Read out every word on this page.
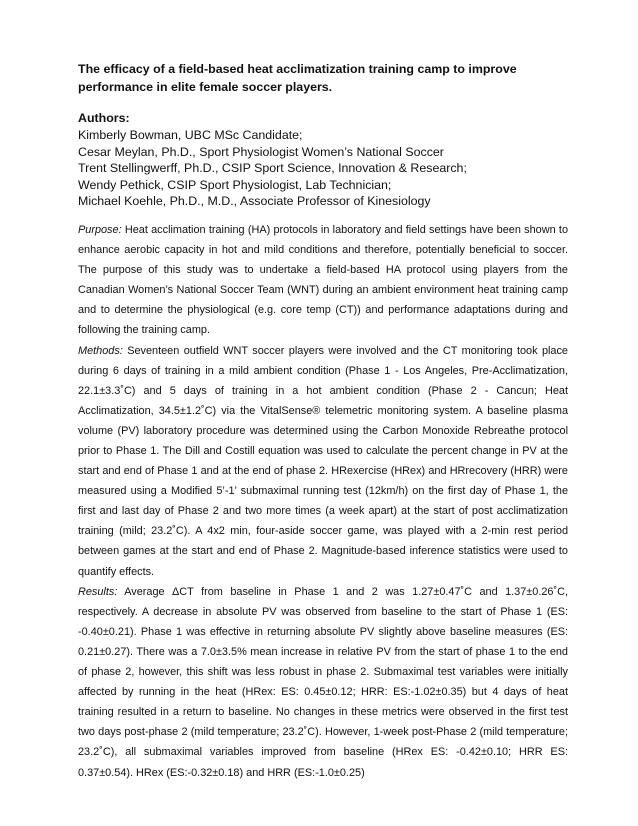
The efficacy of a field-based heat acclimatization training camp to improve performance in elite female soccer players.

Authors:

Kimberly Bowman, UBC MSc Candidate;
Cesar Meylan, Ph.D., Sport Physiologist Women’s National Soccer
Trent Stellingwerff, Ph.D., CSIP Sport Science, Innovation & Research;
Wendy Pethick, CSIP Sport Physiologist, Lab Technician;
Michael Koehle, Ph.D., M.D., Associate Professor of Kinesiology

Purpose: Heat acclimation training (HA) protocols in laboratory and field settings have been shown to enhance aerobic capacity in hot and mild conditions and therefore, potentially beneficial to soccer. The purpose of this study was to undertake a field-based HA protocol using players from the Canadian Women’s National Soccer Team (WNT) during an ambient environment heat training camp and to determine the physiological (e.g. core temp (CT)) and performance adaptations during and following the training camp.

Methods: Seventeen outfield WNT soccer players were involved and the CT monitoring took place during 6 days of training in a mild ambient condition (Phase 1 - Los Angeles, Pre-Acclimatization, 22.1±3.3˚C) and 5 days of training in a hot ambient condition (Phase 2 - Cancun; Heat Acclimatization, 34.5±1.2˚C) via the VitalSense® telemetric monitoring system. A baseline plasma volume (PV) laboratory procedure was determined using the Carbon Monoxide Rebreathe protocol prior to Phase 1. The Dill and Costill equation was used to calculate the percent change in PV at the start and end of Phase 1 and at the end of phase 2. HRexercise (HRex) and HRrecovery (HRR) were measured using a Modified 5’-1’ submaximal running test (12km/h) on the first day of Phase 1, the first and last day of Phase 2 and two more times (a week apart) at the start of post acclimatization training (mild; 23.2˚C). A 4x2 min, four-aside soccer game, was played with a 2-min rest period between games at the start and end of Phase 2. Magnitude-based inference statistics were used to quantify effects.

Results: Average ΔCT from baseline in Phase 1 and 2 was 1.27±0.47˚C and 1.37±0.26˚C, respectively. A decrease in absolute PV was observed from baseline to the start of Phase 1 (ES: -0.40±0.21). Phase 1 was effective in returning absolute PV slightly above baseline measures (ES: 0.21±0.27). There was a 7.0±3.5% mean increase in relative PV from the start of phase 1 to the end of phase 2, however, this shift was less robust in phase 2. Submaximal test variables were initially affected by running in the heat (HRex: ES: 0.45±0.12; HRR: ES:-1.02±0.35) but 4 days of heat training resulted in a return to baseline. No changes in these metrics were observed in the first test two days post-phase 2 (mild temperature; 23.2˚C). However, 1-week post-Phase 2 (mild temperature; 23.2˚C), all submaximal variables improved from baseline (HRex ES: -0.42±0.10; HRR ES: 0.37±0.54). HRex (ES:-0.32±0.18) and HRR (ES:-1.0±0.25)
